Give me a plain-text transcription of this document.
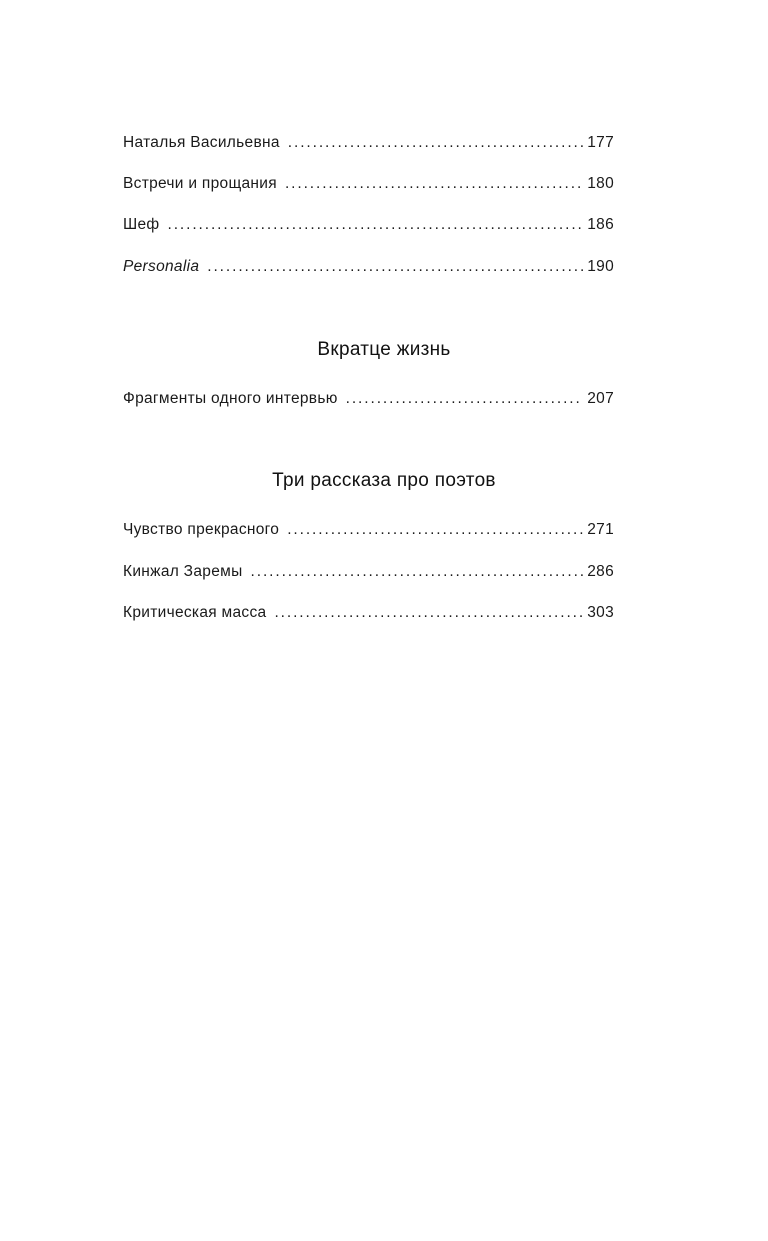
Наталья Васильевна . . .	177
Встречи и прощания . . .	180
Шеф . . .	186
Personalia . . .	190
Вкратце жизнь
Фрагменты одного интервью . . .	207
Три рассказа про поэтов
Чувство прекрасного . . .	271
Кинжал Заремы . . .	286
Критическая масса . . .	303
